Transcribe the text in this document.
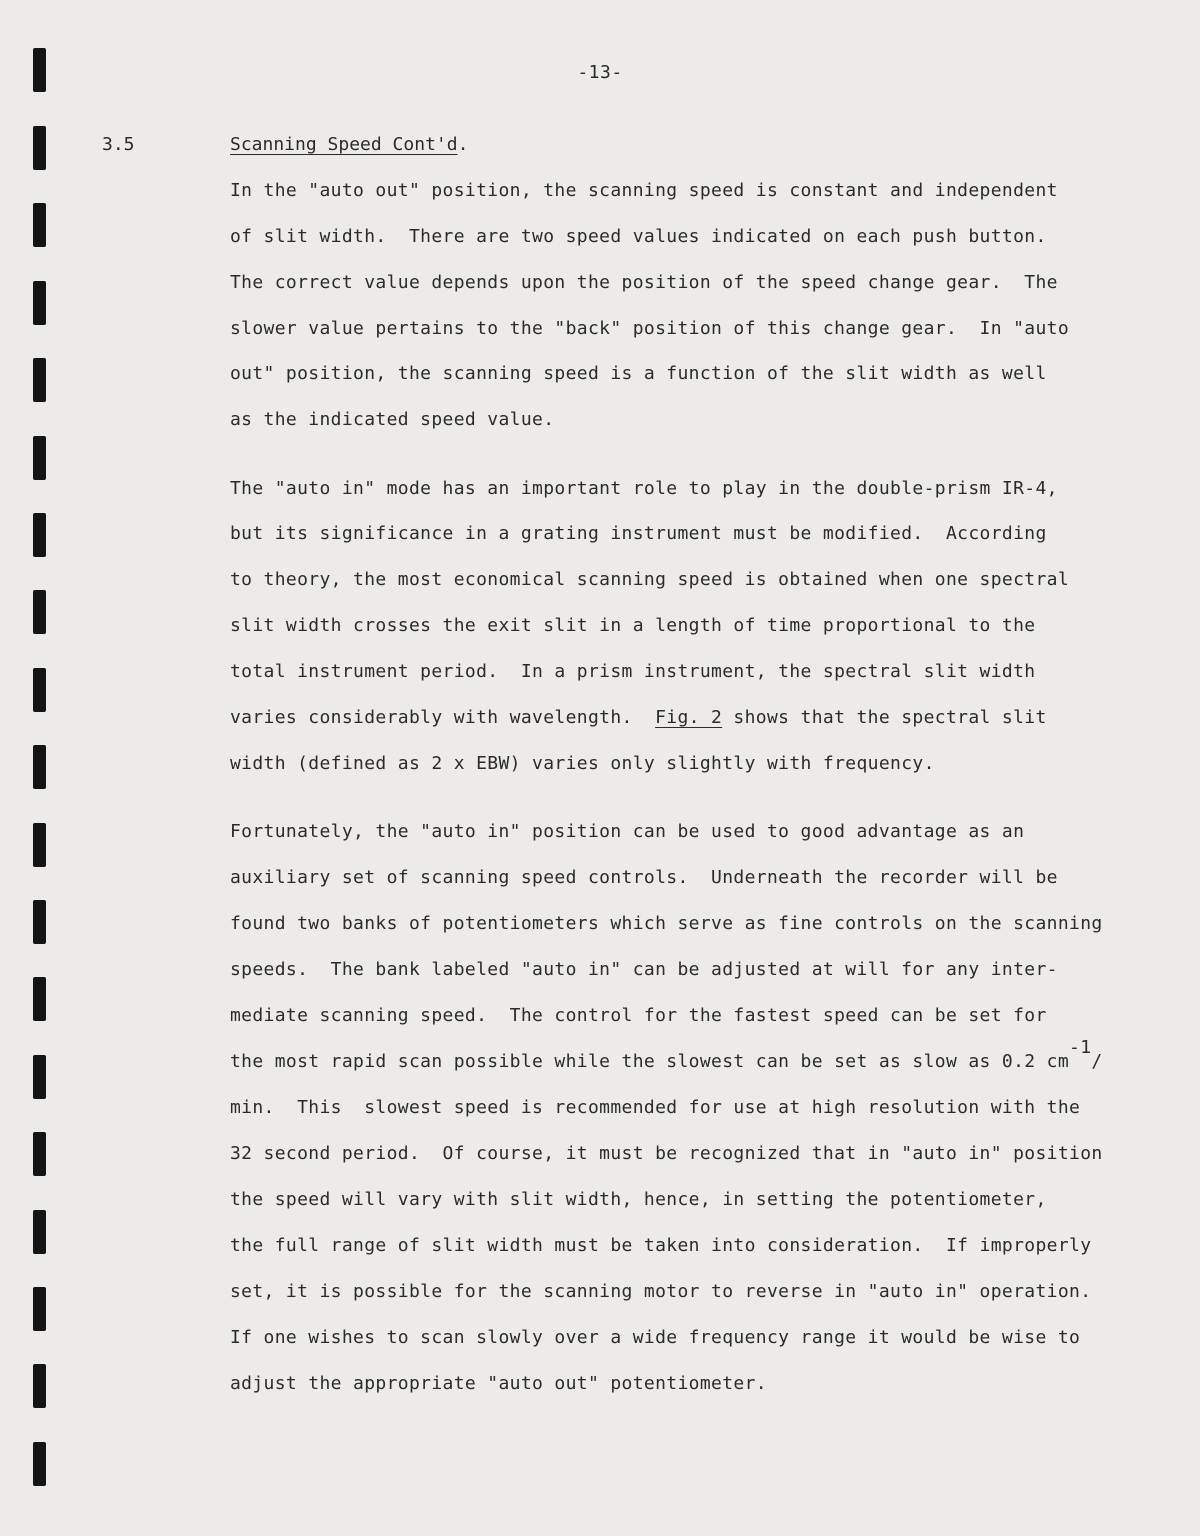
-13-
3.5	Scanning Speed Cont'd.
In the "auto out" position, the scanning speed is constant and independent
of slit width.  There are two speed values indicated on each push button.
The correct value depends upon the position of the speed change gear.  The
slower value pertains to the "back" position of this change gear.  In "auto
out" position, the scanning speed is a function of the slit width as well
as the indicated speed value.
The "auto in" mode has an important role to play in the double-prism IR-4,
but its significance in a grating instrument must be modified.  According
to theory, the most economical scanning speed is obtained when one spectral
slit width crosses the exit slit in a length of time proportional to the
total instrument period.  In a prism instrument, the spectral slit width
varies considerably with wavelength.  Fig. 2 shows that the spectral slit
width (defined as 2 x EBW) varies only slightly with frequency.
Fortunately, the "auto in" position can be used to good advantage as an
auxiliary set of scanning speed controls.  Underneath the recorder will be
found two banks of potentiometers which serve as fine controls on the scanning
speeds.  The bank labeled "auto in" can be adjusted at will for any inter-
mediate scanning speed.  The control for the fastest speed can be set for
the most rapid scan possible while the slowest can be set as slow as 0.2 cm-1/
min.  This  slowest speed is recommended for use at high resolution with the
32 second period.  Of course, it must be recognized that in "auto in" position
the speed will vary with slit width, hence, in setting the potentiometer,
the full range of slit width must be taken into consideration.  If improperly
set, it is possible for the scanning motor to reverse in "auto in" operation.
If one wishes to scan slowly over a wide frequency range it would be wise to
adjust the appropriate "auto out" potentiometer.
